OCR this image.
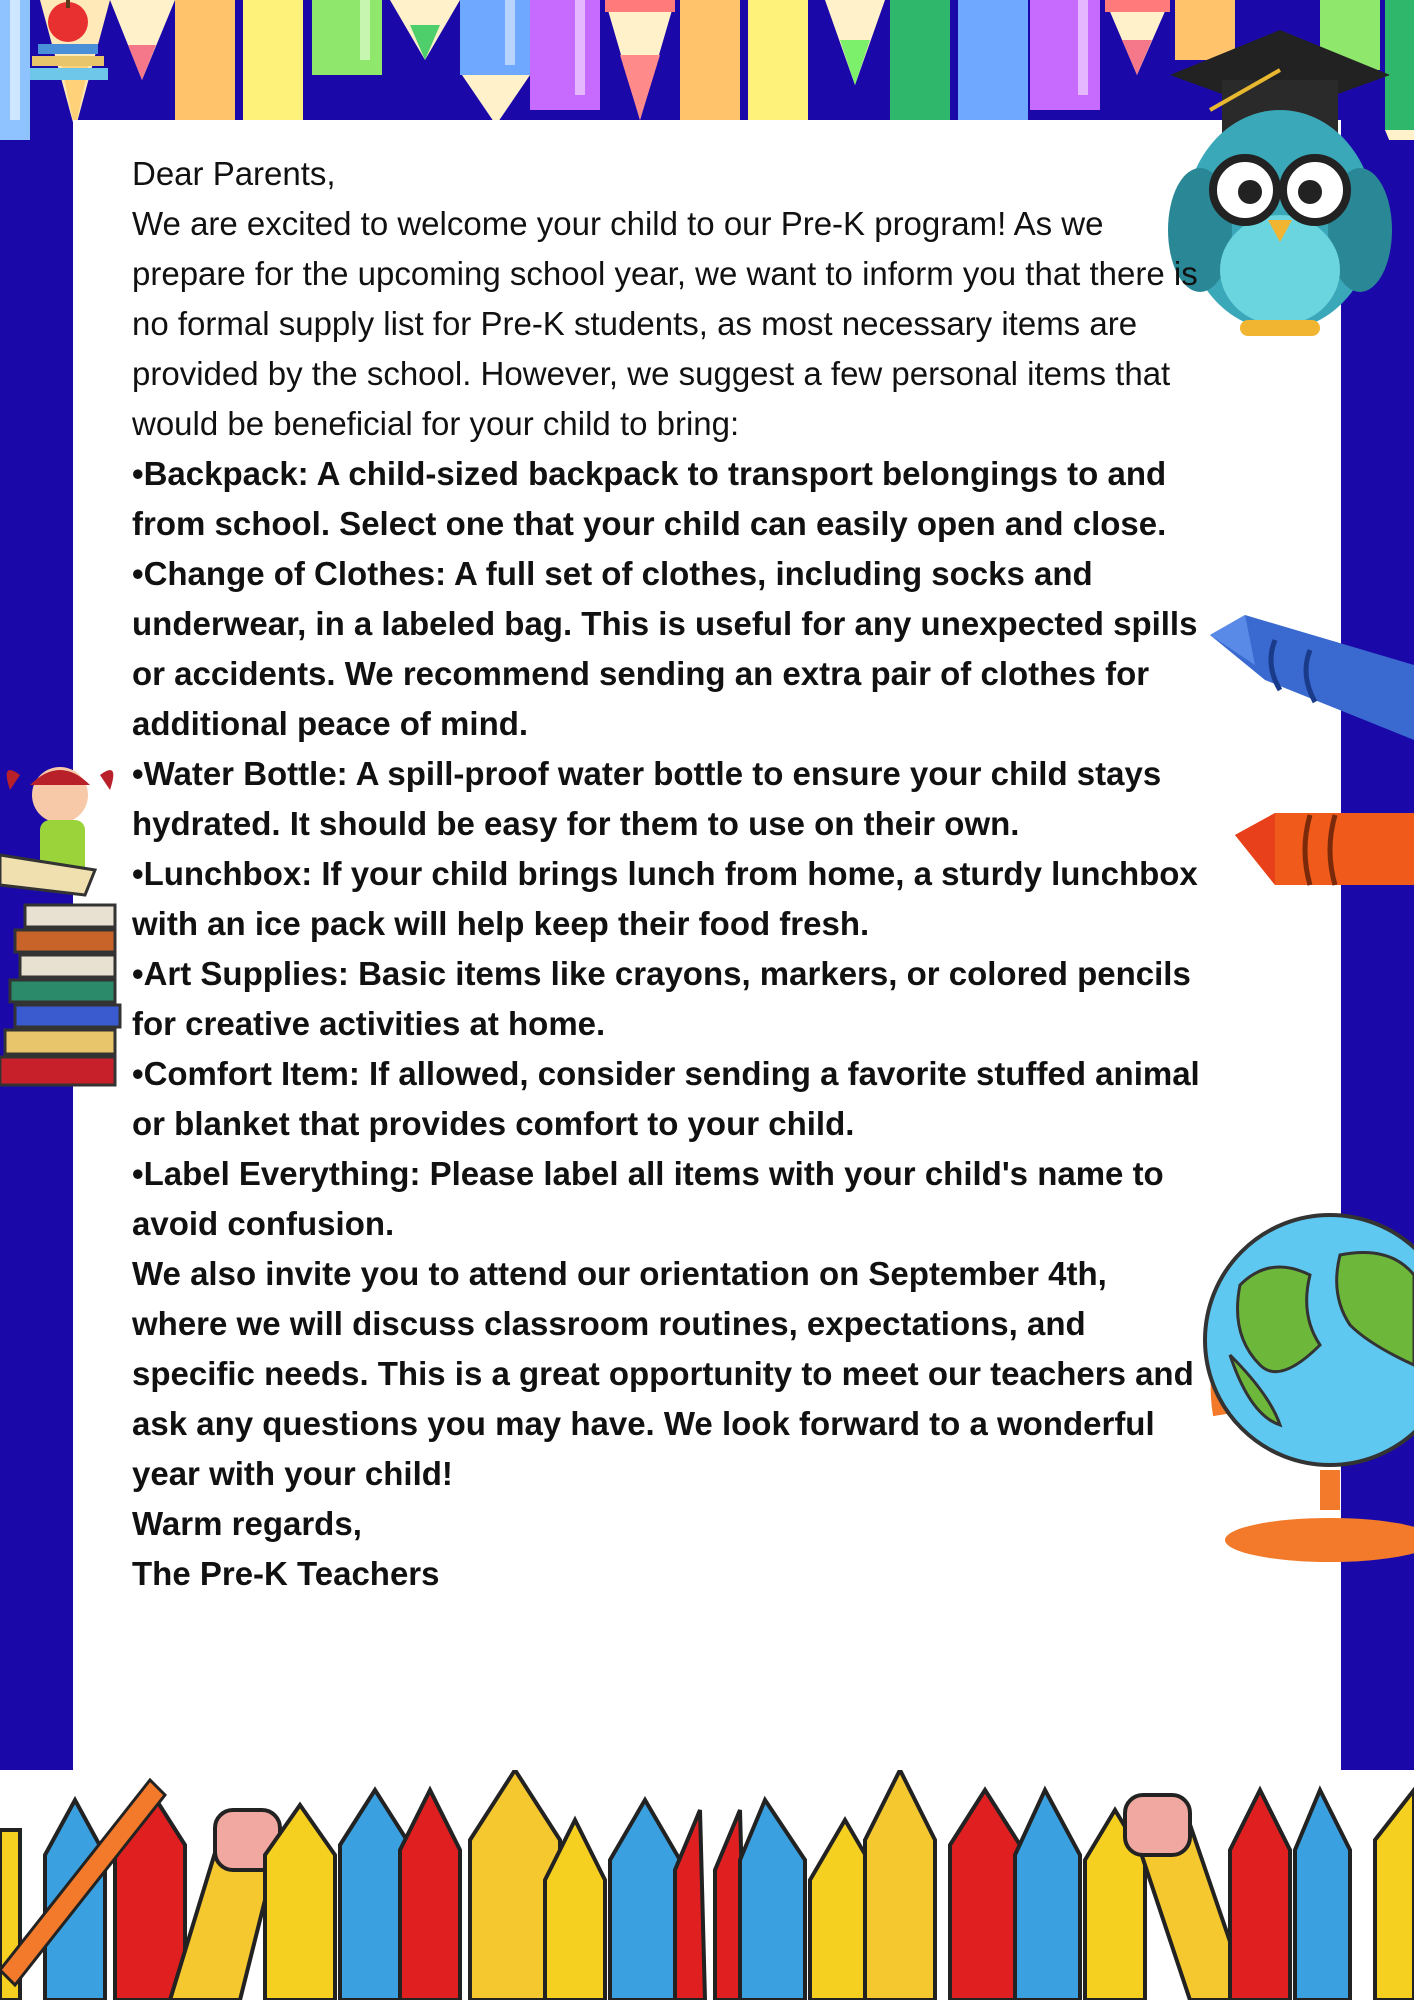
Dear Parents,

We are excited to welcome your child to our Pre-K program! As we prepare for the upcoming school year, we want to inform you that there is no formal supply list for Pre-K students, as most necessary items are provided by the school. However, we suggest a few personal items that would be beneficial for your child to bring:

• Backpack: A child-sized backpack to transport belongings to and from school. Select one that your child can easily open and close.
• Change of Clothes: A full set of clothes, including socks and underwear, in a labeled bag. This is useful for any unexpected spills or accidents. We recommend sending an extra pair of clothes for additional peace of mind.
• Water Bottle: A spill-proof water bottle to ensure your child stays hydrated. It should be easy for them to use on their own.
• Lunchbox: If your child brings lunch from home, a sturdy lunchbox with an ice pack will help keep their food fresh.
• Art Supplies: Basic items like crayons, markers, or colored pencils for creative activities at home.
• Comfort Item: If allowed, consider sending a favorite stuffed animal or blanket that provides comfort to your child.
• Label Everything: Please label all items with your child's name to avoid confusion.

We also invite you to attend our orientation on September 4th, where we will discuss classroom routines, expectations, and specific needs. This is a great opportunity to meet our teachers and ask any questions you may have. We look forward to a wonderful year with your child!

Warm regards,

The Pre-K Teachers
